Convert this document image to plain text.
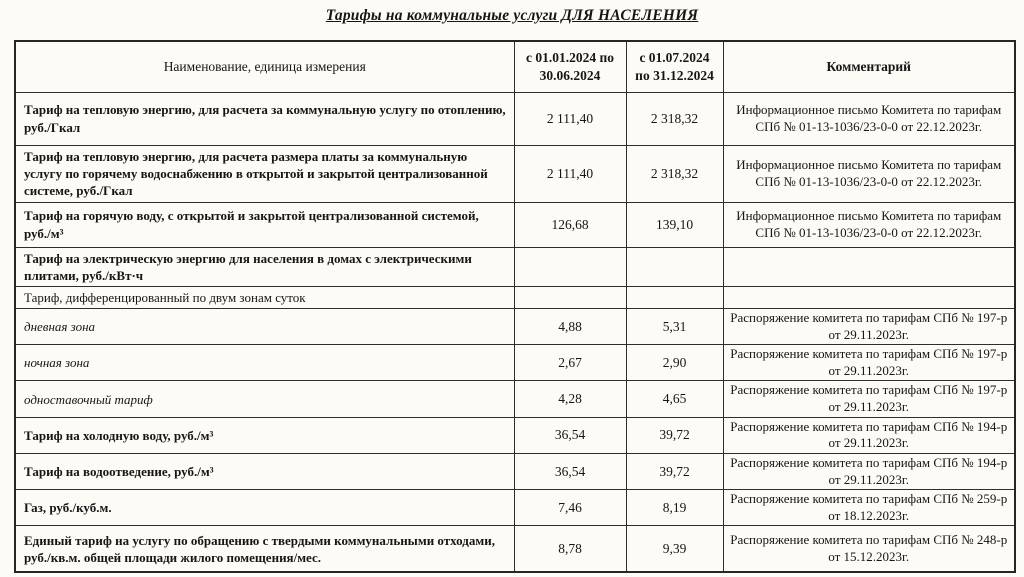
Тарифы на коммунальные услуги ДЛЯ НАСЕЛЕНИЯ
Наименование, единица измерения	с 01.01.2024 по 30.06.2024	с 01.07.2024 по 31.12.2024	Комментарий
Тариф на тепловую энергию, для расчета за коммунальную услугу по отоплению, руб./Гкал	2 111,40	2 318,32	Информационное письмо Комитета по тарифам СПб № 01-13-1036/23-0-0 от 22.12.2023г.
Тариф на тепловую энергию, для расчета размера платы за коммунальную услугу по горячему водоснабжению в открытой и закрытой централизованной системе, руб./Гкал	2 111,40	2 318,32	Информационное письмо Комитета по тарифам СПб № 01-13-1036/23-0-0 от 22.12.2023г.
Тариф на горячую воду, с открытой и закрытой централизованной системой, руб./м³	126,68	139,10	Информационное письмо Комитета по тарифам СПб № 01-13-1036/23-0-0 от 22.12.2023г.
Тариф на электрическую энергию для населения в домах с электрическими плитами, руб./кВт·ч			
Тариф, дифференцированный по двум зонам суток			
дневная зона	4,88	5,31	Распоряжение комитета по тарифам СПб № 197-р от 29.11.2023г.
ночная зона	2,67	2,90	Распоряжение комитета по тарифам СПб № 197-р от 29.11.2023г.
одноставочный тариф	4,28	4,65	Распоряжение комитета по тарифам СПб № 197-р от 29.11.2023г.
Тариф на холодную воду, руб./м³	36,54	39,72	Распоряжение комитета по тарифам СПб № 194-р от 29.11.2023г.
Тариф на водоотведение, руб./м³	36,54	39,72	Распоряжение комитета по тарифам СПб № 194-р от 29.11.2023г.
Газ, руб./куб.м.	7,46	8,19	Распоряжение комитета по тарифам СПб № 259-р от 18.12.2023г.
Единый тариф на услугу по обращению с твердыми коммунальными отходами, руб./кв.м. общей площади жилого помещения/мес.	8,78	9,39	Распоряжение комитета по тарифам СПб № 248-р от 15.12.2023г.
